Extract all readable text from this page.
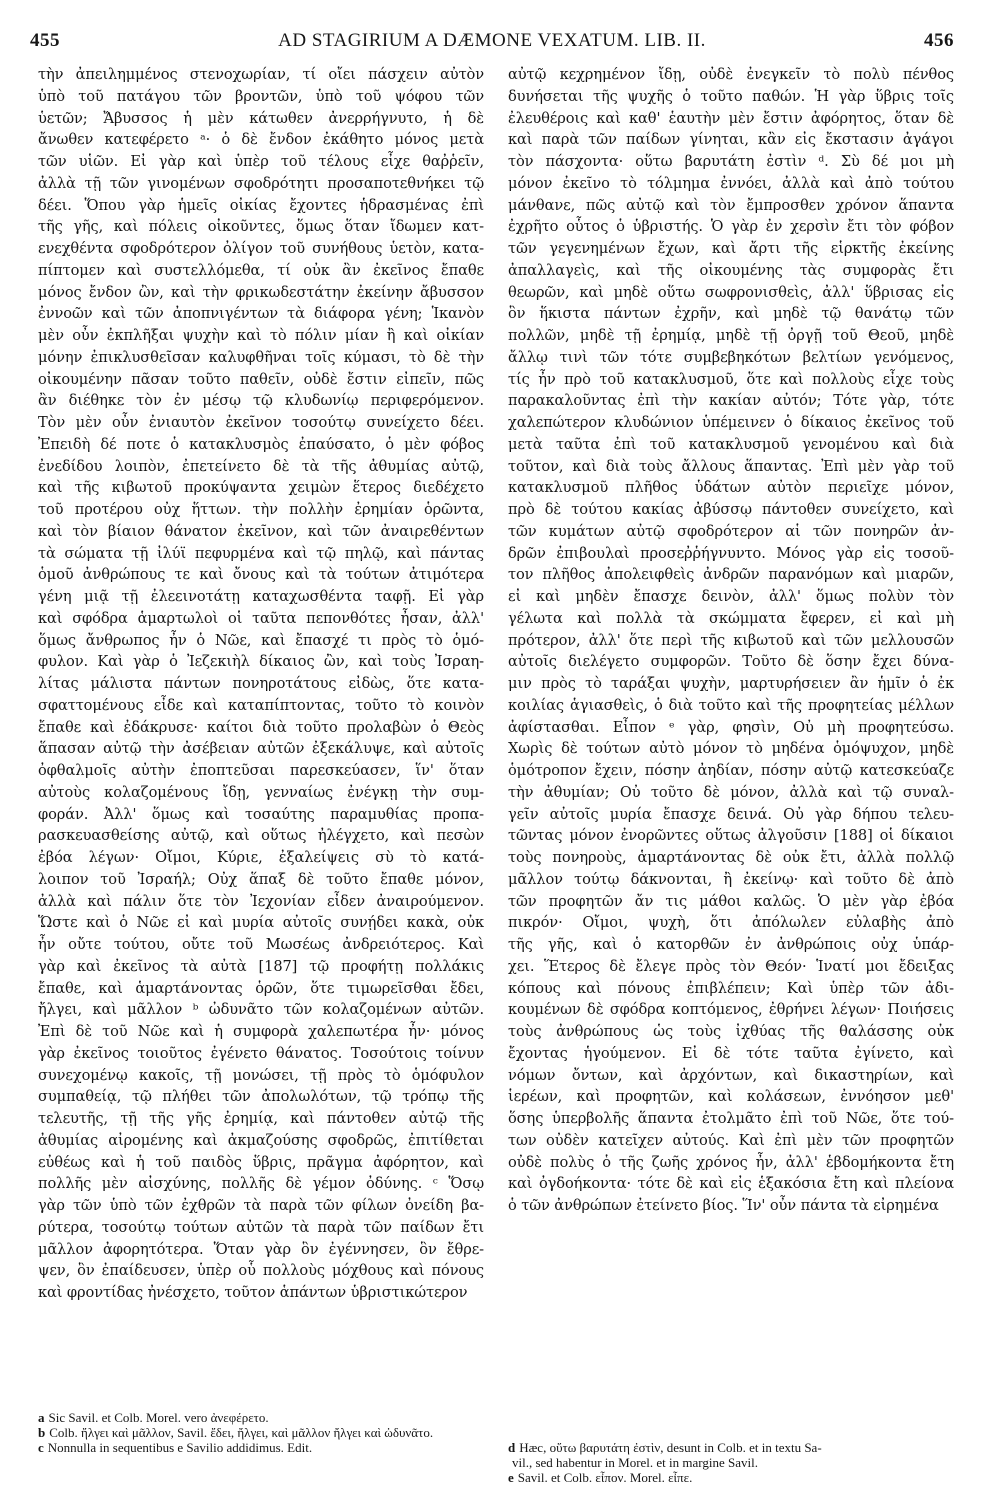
455	AD STAGIRIUM A DÆMONE VEXATUM. LIB. II.	456
τὴν ἀπειλημμένος στενοχωρίαν, τί οἴει πάσχειν αὐτὸν
ὑπὸ τοῦ πατάγου τῶν βροντῶν, ὑπὸ τοῦ ψόφου τῶν
ὑετῶν; Ἄβυσσος ἡ μὲν κάτωθεν ἀνερρήγνυτο, ἡ δὲ
ἄνωθεν κατεφέρετο ᵃ· ὁ δὲ ἔνδον ἐκάθητο μόνος μετὰ
τῶν υἱῶν. Εἰ γὰρ καὶ ὑπὲρ τοῦ τέλους εἶχε θαῤῥεῖν,
ἀλλὰ τῇ τῶν γινομένων σφοδρότητι προσαποτεθνήκει τῷ
δέει. Ὅπου γὰρ ἡμεῖς οἰκίας ἔχοντες ἡδρασμένας ἐπὶ
τῆς γῆς, καὶ πόλεις οἰκοῦντες, ὅμως ὅταν ἴδωμεν κατ-
ενεχθέντα σφοδρότερον ὀλίγον τοῦ συνήθους ὑετὸν, κατα-
πίπτομεν καὶ συστελλόμεθα, τί οὐκ ἂν ἐκεῖνος ἔπαθε
μόνος ἔνδον ὢν, καὶ τὴν φρικωδεστάτην ἐκείνην ἄβυσσον
ἐννοῶν καὶ τῶν ἀποπνιγέντων τὰ διάφορα γένη; Ἱκανὸν
μὲν οὖν ἐκπλῆξαι ψυχὴν καὶ τὸ πόλιν μίαν ἢ καὶ οἰκίαν
μόνην ἐπικλυσθεῖσαν καλυφθῆναι τοῖς κύμασι, τὸ δὲ τὴν
οἰκουμένην πᾶσαν τοῦτο παθεῖν, οὐδὲ ἔστιν εἰπεῖν, πῶς
ἂν διέθηκε τὸν ἐν μέσῳ τῷ κλυδωνίῳ περιφερόμενον.
Τὸν μὲν οὖν ἐνιαυτὸν ἐκεῖνον τοσούτῳ συνείχετο δέει.
Ἐπειδὴ δέ ποτε ὁ κατακλυσμὸς ἐπαύσατο, ὁ μὲν φόβος
ἐνεδίδου λοιπὸν, ἐπετείνετο δὲ τὰ τῆς ἀθυμίας αὐτῷ,
καὶ τῆς κιβωτοῦ προκύψαντα χειμὼν ἕτερος διεδέχετο
τοῦ προτέρου οὐχ ἥττων. τὴν πολλὴν ἐρημίαν ὁρῶντα,
καὶ τὸν βίαιον θάνατον ἐκεῖνον, καὶ τῶν ἀναιρεθέντων
τὰ σώματα τῇ ἰλύϊ πεφυρμένα καὶ τῷ πηλῷ, καὶ πάντας
ὁμοῦ ἀνθρώπους τε καὶ ὄνους καὶ τὰ τούτων ἀτιμότερα
γένη μιᾷ τῇ ἐλεεινοτάτῃ καταχωσθέντα ταφῇ. Εἰ γὰρ
καὶ σφόδρα ἁμαρτωλοὶ οἱ ταῦτα πεπονθότες ἦσαν, ἀλλ'
ὅμως ἄνθρωπος ἦν ὁ Νῶε, καὶ ἔπασχέ τι πρὸς τὸ ὁμό-
φυλον. Καὶ γὰρ ὁ Ἰεζεκιὴλ δίκαιος ὢν, καὶ τοὺς Ἰσραη-
λίτας μάλιστα πάντων πονηροτάτους εἰδὼς, ὅτε κατα-
σφαττομένους εἶδε καὶ καταπίπτοντας, τοῦτο τὸ κοινὸν
ἔπαθε καὶ ἐδάκρυσε· καίτοι διὰ τοῦτο προλαβὼν ὁ Θεὸς
ἅπασαν αὐτῷ τὴν ἀσέβειαν αὐτῶν ἐξεκάλυψε, καὶ αὐτοῖς
ὀφθαλμοῖς αὐτὴν ἐποπτεῦσαι παρεσκεύασεν, ἵν' ὅταν
αὐτοὺς κολαζομένους ἴδῃ, γενναίως ἐνέγκῃ τὴν συμ-
φοράν. Ἀλλ' ὅμως καὶ τοσαύτης παραμυθίας προπα-
ρασκευασθείσης αὐτῷ, καὶ οὕτως ἠλέγχετο, καὶ πεσὼν
ἐβόα λέγων· Οἴμοι, Κύριε, ἐξαλείψεις σὺ τὸ κατά-
λοιπον τοῦ Ἰσραήλ; Οὐχ ἅπαξ δὲ τοῦτο ἔπαθε μόνον,
ἀλλὰ καὶ πάλιν ὅτε τὸν Ἰεχονίαν εἶδεν ἀναιρούμενον.
Ὥστε καὶ ὁ Νῶε εἰ καὶ μυρία αὐτοῖς συνῄδει κακὰ, οὐκ
ἦν οὔτε τούτου, οὔτε τοῦ Μωσέως ἀνδρειότερος. Καὶ
γὰρ καὶ ἐκεῖνος τὰ αὐτὰ [187] τῷ προφήτῃ πολλάκις
ἔπαθε, καὶ ἁμαρτάνοντας ὁρῶν, ὅτε τιμωρεῖσθαι ἔδει,
ἤλγει, καὶ μᾶλλον ᵇ ὠδυνᾶτο τῶν κολαζομένων αὐτῶν.
Ἐπὶ δὲ τοῦ Νῶε καὶ ἡ συμφορὰ χαλεπωτέρα ἦν· μόνος
γὰρ ἐκεῖνος τοιοῦτος ἐγένετο θάνατος. Τοσούτοις τοίνυν
συνεχομένῳ κακοῖς, τῇ μονώσει, τῇ πρὸς τὸ ὁμόφυλον
συμπαθείᾳ, τῷ πλήθει τῶν ἀπολωλότων, τῷ τρόπῳ τῆς
τελευτῆς, τῇ τῆς γῆς ἐρημίᾳ, καὶ πάντοθεν αὐτῷ τῆς
ἀθυμίας αἰρομένης καὶ ἀκμαζούσης σφοδρῶς, ἐπιτίθεται
εὐθέως καὶ ἡ τοῦ παιδὸς ὕβρις, πρᾶγμα ἀφόρητον, καὶ
πολλῆς μὲν αἰσχύνης, πολλῆς δὲ γέμον ὀδύνης. ᶜ Ὅσῳ
γὰρ τῶν ὑπὸ τῶν ἐχθρῶν τὰ παρὰ τῶν φίλων ὀνείδη βα-
ρύτερα, τοσούτῳ τούτων αὐτῶν τὰ παρὰ τῶν παίδων ἔτι
μᾶλλον ἀφορητότερα. Ὅταν γὰρ ὃν ἐγέννησεν, ὃν ἔθρε-
ψεν, ὃν ἐπαίδευσεν, ὑπὲρ οὗ πολλοὺς μόχθους καὶ πόνους
καὶ φροντίδας ἠνέσχετο, τοῦτον ἁπάντων ὑβριστικώτερον
αὐτῷ κεχρημένον ἴδῃ, οὐδὲ ἐνεγκεῖν τὸ πολὺ πένθος
δυνήσεται τῆς ψυχῆς ὁ τοῦτο παθών. Ἡ γὰρ ὕβρις τοῖς
ἐλευθέροις καὶ καθ' ἑαυτὴν μὲν ἔστιν ἀφόρητος, ὅταν δὲ
καὶ παρὰ τῶν παίδων γίνηται, κἂν εἰς ἔκστασιν ἀγάγοι
τὸν πάσχοντα· οὕτω βαρυτάτη ἐστὶν ᵈ. Σὺ δέ μοι μὴ
μόνον ἐκεῖνο τὸ τόλμημα ἐννόει, ἀλλὰ καὶ ἀπὸ τούτου
μάνθανε, πῶς αὐτῷ καὶ τὸν ἔμπροσθεν χρόνον ἅπαντα
ἐχρῆτο οὗτος ὁ ὑβριστής. Ὁ γὰρ ἐν χερσὶν ἔτι τὸν φόβον
τῶν γεγενημένων ἔχων, καὶ ἄρτι τῆς εἱρκτῆς ἐκείνης
ἀπαλλαγεὶς, καὶ τῆς οἰκουμένης τὰς συμφορὰς ἔτι
θεωρῶν, καὶ μηδὲ οὕτω σωφρονισθεὶς, ἀλλ' ὕβρισας εἰς
ὃν ἥκιστα πάντων ἐχρῆν, καὶ μηδὲ τῷ θανάτῳ τῶν
πολλῶν, μηδὲ τῇ ἐρημίᾳ, μηδὲ τῇ ὀργῇ τοῦ Θεοῦ, μηδὲ
ἄλλῳ τινὶ τῶν τότε συμβεβηκότων βελτίων γενόμενος,
τίς ἦν πρὸ τοῦ κατακλυσμοῦ, ὅτε καὶ πολλοὺς εἶχε τοὺς
παρακαλοῦντας ἐπὶ τὴν κακίαν αὐτόν; Τότε γὰρ, τότε
χαλεπώτερον κλυδώνιον ὑπέμεινεν ὁ δίκαιος ἐκεῖνος τοῦ
μετὰ ταῦτα ἐπὶ τοῦ κατακλυσμοῦ γενομένου καὶ διὰ
τοῦτον, καὶ διὰ τοὺς ἄλλους ἅπαντας. Ἐπὶ μὲν γὰρ τοῦ
κατακλυσμοῦ πλῆθος ὑδάτων αὐτὸν περιεῖχε μόνον,
πρὸ δὲ τούτου κακίας ἀβύσσῳ πάντοθεν συνείχετο, καὶ
τῶν κυμάτων αὐτῷ σφοδρότερον αἱ τῶν πονηρῶν ἀν-
δρῶν ἐπιβουλαὶ προσεῤῥήγνυντο. Μόνος γὰρ εἰς τοσοῦ-
τον πλῆθος ἀπολειφθεὶς ἀνδρῶν παρανόμων καὶ μιαρῶν,
εἰ καὶ μηδὲν ἔπασχε δεινὸν, ἀλλ' ὅμως πολὺν τὸν
γέλωτα καὶ πολλὰ τὰ σκώμματα ἔφερεν, εἰ καὶ μὴ
πρότερον, ἀλλ' ὅτε περὶ τῆς κιβωτοῦ καὶ τῶν μελλουσῶν
αὐτοῖς διελέγετο συμφορῶν. Τοῦτο δὲ ὅσην ἔχει δύνα-
μιν πρὸς τὸ ταράξαι ψυχὴν, μαρτυρήσειεν ἂν ἡμῖν ὁ ἐκ
κοιλίας ἁγιασθεὶς, ὁ διὰ τοῦτο καὶ τῆς προφητείας μέλλων
ἀφίστασθαι. Εἶπον ᵉ γὰρ, φησὶν, Οὐ μὴ προφητεύσω.
Χωρὶς δὲ τούτων αὐτὸ μόνον τὸ μηδένα ὁμόψυχον, μηδὲ
ὁμότροπον ἔχειν, πόσην ἀηδίαν, πόσην αὐτῷ κατεσκεύαζε
τὴν ἀθυμίαν; Οὐ τοῦτο δὲ μόνον, ἀλλὰ καὶ τῷ συναλ-
γεῖν αὐτοῖς μυρία ἔπασχε δεινά. Οὐ γὰρ δήπου τελευ-
τῶντας μόνον ἐνορῶντες οὕτως ἀλγοῦσιν [188] οἱ δίκαιοι
τοὺς πονηροὺς, ἁμαρτάνοντας δὲ οὐκ ἔτι, ἀλλὰ πολλῷ
μᾶλλον τούτῳ δάκνονται, ἢ ἐκείνῳ· καὶ τοῦτο δὲ ἀπὸ
τῶν προφητῶν ἄν τις μάθοι καλῶς. Ὁ μὲν γὰρ ἐβόα
πικρόν· Οἴμοι, ψυχὴ, ὅτι ἀπόλωλεν εὐλαβὴς ἀπὸ
τῆς γῆς, καὶ ὁ κατορθῶν ἐν ἀνθρώποις οὐχ ὑπάρ-
χει. Ἕτερος δὲ ἔλεγε πρὸς τὸν Θεόν· Ἱνατί μοι ἔδειξας
κόπους καὶ πόνους ἐπιβλέπειν; Καὶ ὑπὲρ τῶν ἀδι-
κουμένων δὲ σφόδρα κοπτόμενος, ἐθρήνει λέγων· Ποιήσεις
τοὺς ἀνθρώπους ὡς τοὺς ἰχθύας τῆς θαλάσσης οὐκ
ἔχοντας ἡγούμενον. Εἰ δὲ τότε ταῦτα ἐγίνετο, καὶ
νόμων ὄντων, καὶ ἀρχόντων, καὶ δικαστηρίων, καὶ
ἱερέων, καὶ προφητῶν, καὶ κολάσεων, ἐννόησον μεθ'
ὅσης ὑπερβολῆς ἅπαντα ἐτολμᾶτο ἐπὶ τοῦ Νῶε, ὅτε τού-
των οὐδὲν κατεῖχεν αὐτούς. Καὶ ἐπὶ μὲν τῶν προφητῶν
οὐδὲ πολὺς ὁ τῆς ζωῆς χρόνος ἦν, ἀλλ' ἑβδομήκοντα ἔτη
καὶ ὀγδοήκοντα· τότε δὲ καὶ εἰς ἑξακόσια ἔτη καὶ πλείονα
ὁ τῶν ἀνθρώπων ἐτείνετο βίος. Ἵν' οὖν πάντα τὰ εἰρημένα
a Sic Savil. et Colb. Morel. vero ἀνεφέρετο.
b Colb. ἤλγει καὶ μᾶλλον, Savil. ἔδει, ἤλγει, καὶ μᾶλλον ἤλγει καὶ ὠδυνᾶτο.
c Nonnulla in sequentibus e Savilio addidimus. Edit.	d Hæc, οὕτω βαρυτάτη ἐστὶν, desunt in Colb. et in textu Sa-
vil., sed habentur in Morel. et in margine Savil.
e Savil. et Colb. εἶπον. Morel. εἶπε.
